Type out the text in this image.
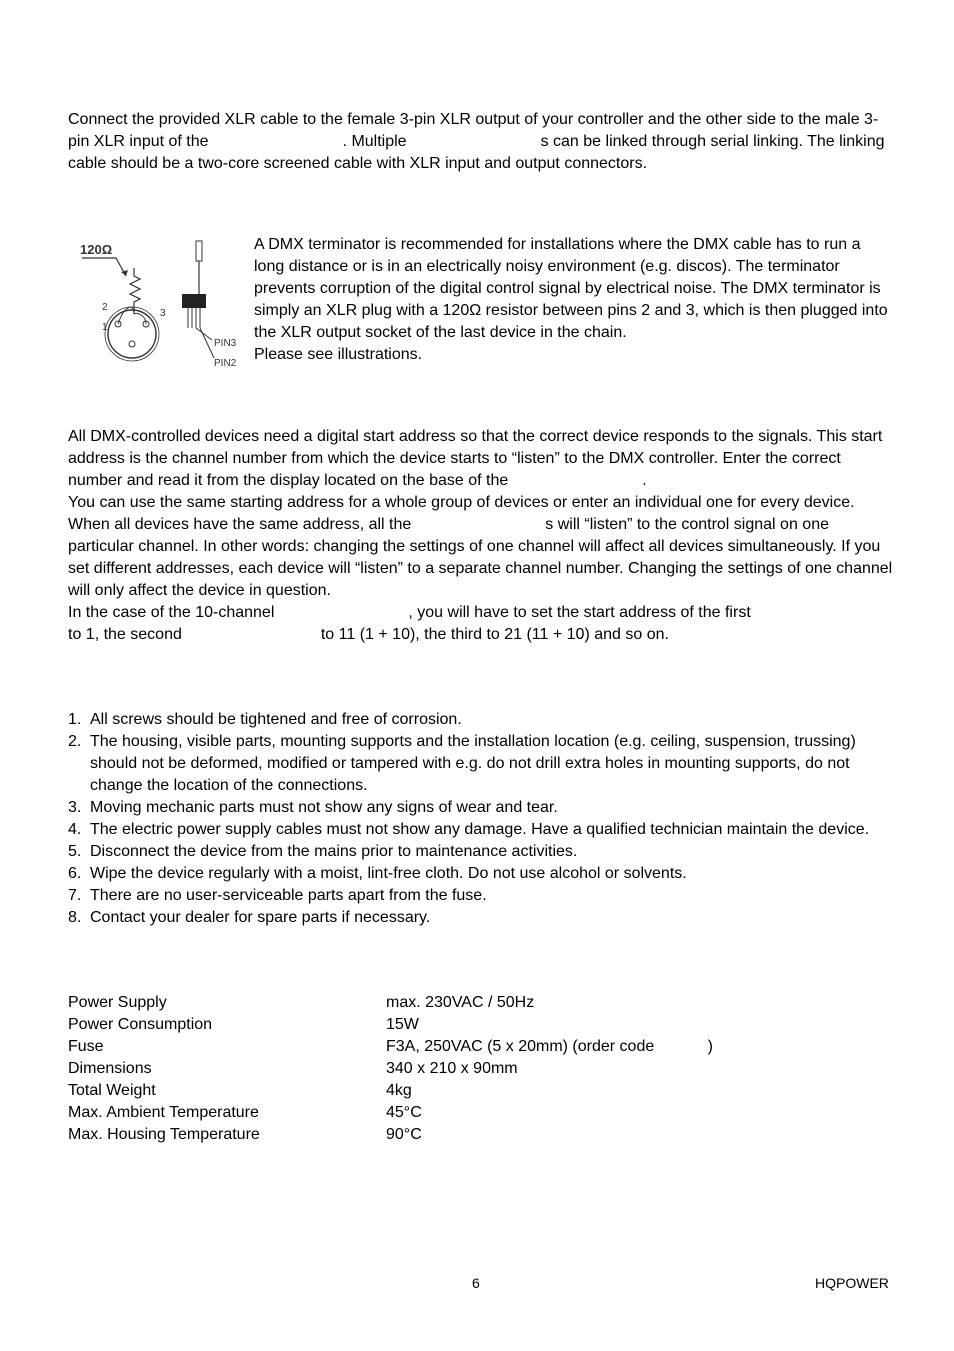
Connect the provided XLR cable to the female 3-pin XLR output of your controller and the other side to the male 3-
pin XLR input of the	. Multiple	s can be linked through serial linking. The linking
cable should be a two-core screened cable with XLR input and output connectors.
120Ω
2
3
1
PIN3
PIN2
A DMX terminator is recommended for installations where the DMX cable has to run a
long distance or is in an electrically noisy environment (e.g. discos). The terminator
prevents corruption of the digital control signal by electrical noise. The DMX terminator is
simply an XLR plug with a 120Ω resistor between pins 2 and 3, which is then plugged into
the XLR output socket of the last device in the chain.
Please see illustrations.
All DMX-controlled devices need a digital start address so that the correct device responds to the signals. This start
address is the channel number from which the device starts to “listen” to the DMX controller. Enter the correct
number and read it from the display located on the base of the	.
You can use the same starting address for a whole group of devices or enter an individual one for every device.
When all devices have the same address, all the	s will “listen” to the control signal on one
particular channel. In other words: changing the settings of one channel will affect all devices simultaneously. If you
set different addresses, each device will “listen” to a separate channel number. Changing the settings of one channel
will only affect the device in question.
In the case of the 10-channel	, you will have to set the start address of the first
to 1, the second	to 11 (1 + 10), the third to 21 (11 + 10) and so on.
1. All screws should be tightened and free of corrosion.
2. The housing, visible parts, mounting supports and the installation location (e.g. ceiling, suspension, trussing)
should not be deformed, modified or tampered with e.g. do not drill extra holes in mounting supports, do not
change the location of the connections.
3. Moving mechanic parts must not show any signs of wear and tear.
4. The electric power supply cables must not show any damage. Have a qualified technician maintain the device.
5. Disconnect the device from the mains prior to maintenance activities.
6. Wipe the device regularly with a moist, lint-free cloth. Do not use alcohol or solvents.
7. There are no user-serviceable parts apart from the fuse.
8. Contact your dealer for spare parts if necessary.
Power Supply	max. 230VAC / 50Hz
Power Consumption	15W
Fuse	F3A, 250VAC (5 x 20mm) (order code            )
Dimensions	340 x 210 x 90mm
Total Weight	4kg
Max. Ambient Temperature	45°C
Max. Housing Temperature	90°C
6	HQPOWER
